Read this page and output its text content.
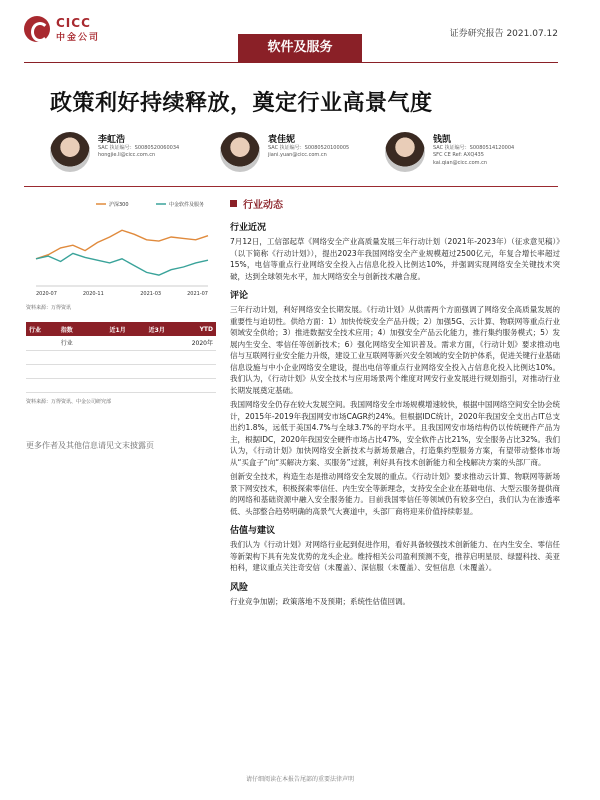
CICC
中金公司
软件及服务
证券研究报告 2021.07.12
政策利好持续释放，奠定行业高景气度
李虹浩
SAC 执证编号：S0080520060034
hongjie.li@cicc.com.cn
袁佳妮
SAC 执证编号：S0080520100005
jiani.yuan@cicc.com.cn
钱凯
SAC 执证编号：S0080514120004
SFC CE Ref: AXQ435
kai.qian@cicc.com.cn
沪深300	中金软件及服务
2020-07	2020-11	2021-03	2021-07
资料来源：万得资讯
行业	指数	近1月	近3月	YTD
	行业			2020年

资料来源：万得资讯、中金公司研究部
更多作者及其他信息请见文末披露页
行业动态
行业近况

7月12日，工信部起草《网络安全产业高质量发展三年行动计划（2021年-2023年）（征求意见稿）》（以下简称《行动计划》），提出2023年我国网络安全产业规模超过2500亿元，年复合增长率超过15%，电信等重点行业网络安全投入占信息化投入比例达10%，并强调实现网络安全关键技术突破，达到全球领先水平，加大网络安全与创新技术融合度。

评论

三年行动计划，利好网络安全长期发展。《行动计划》从供需两个方面强调了网络安全高质量发展的重要性与迫切性。供给方面：1）加快传统安全产品升级；2）加强5G、云计算、物联网等重点行业领域安全供给；3）推进数据安全技术应用；4）加强安全产品云化能力，推行集约服务模式；5）发展内生安全、零信任等创新技术；6）强化网络安全知识普及。需求方面，《行动计划》要求推动电信与互联网行业安全能力升级，建设工业互联网等新兴安全领域的安全防护体系，促进关键行业基础信息设施与中小企业网络安全建设，提出电信等重点行业网络安全投入占信息化投入比例达10%。我们认为，《行动计划》从安全技术与应用场景两个维度对网安行业发展进行规划指引，对推动行业长期发展奠定基础。

我国网络安全仍存在较大发展空间。我国网络安全市场规模增速较快，根据中国网络空间安全协会统计，2015年-2019年我国网安市场CAGR约24%。但根据IDC统计，2020年我国安全支出占IT总支出约1.8%，远低于美国4.7%与全球3.7%的平均水平。且我国网安市场结构仍以传统硬件产品为主，根据IDC，2020年我国安全硬件市场占比47%，安全软件占比21%，安全服务占比32%。我们认为，《行动计划》加快网络安全新技术与新场景融合，打造集约型服务方案，有望带动整体市场从“买盒子”向“买解决方案、买服务”过渡，利好具有技术创新能力和全栈解决方案的头部厂商。

创新安全技术，构造生态是推动网络安全发展的重点。《行动计划》要求推动云计算、物联网等新场景下网安技术，积极探索零信任、内生安全等新理念，支持安全企业在基础电信、大型云服务提供商的网络和基础资源中融入安全服务能力。目前我国零信任等领域仍有较多空白，我们认为在渗透率低、头部整合趋势明确的高景气大赛道中，头部厂商将迎来价值持续彰显。

估值与建议

我们认为《行动计划》对网络行业起到促进作用，看好具备较强技术创新能力、在内生安全、零信任等新架构下具有先发优势的龙头企业。维持相关公司盈利预测不变，推荐启明星辰、绿盟科技、美亚柏科，建议重点关注奇安信（未覆盖）、深信服（未覆盖）、安恒信息（未覆盖）。

风险

行业竞争加剧；政策落地不及预期；系统性估值回调。

请仔细阅读在本报告尾部的重要法律声明
